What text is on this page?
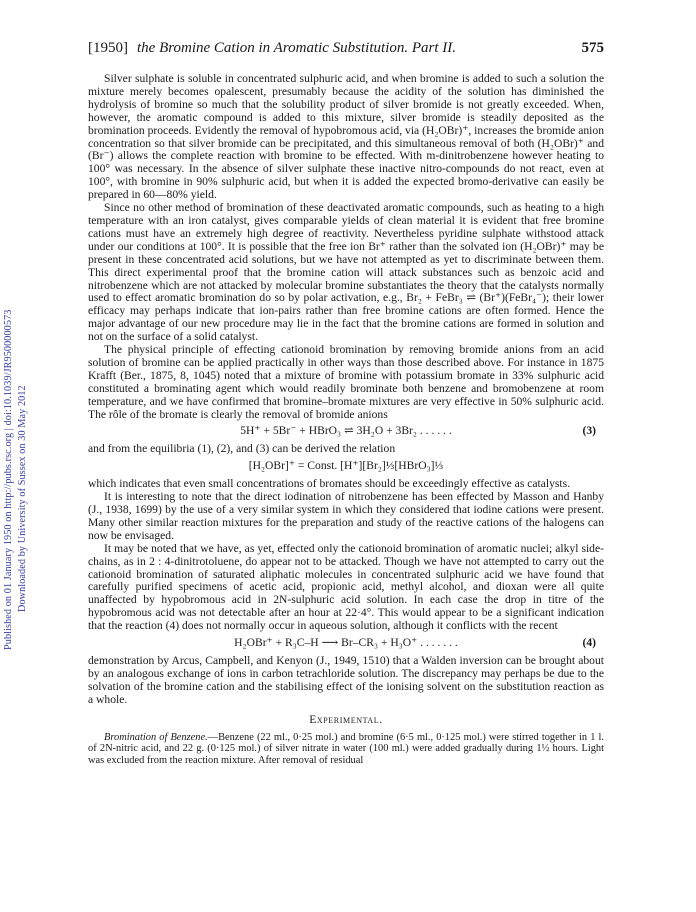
Published on 01 January 1950 on http://pubs.rsc.org | doi:10.1039/JR9500000573 Downloaded by University of Sussex on 30 May 2012
[1950] the Bromine Cation in Aromatic Substitution. Part II.	575

Silver sulphate is soluble in concentrated sulphuric acid, and when bromine is added to such a solution the mixture merely becomes opalescent, presumably because the acidity of the solution has diminished the hydrolysis of bromine so much that the solubility product of silver bromide is not greatly exceeded. When, however, the aromatic compound is added to this mixture, silver bromide is steadily deposited as the bromination proceeds. Evidently the removal of hypobromous acid, via (H₂OBr)⁺, increases the bromide anion concentration so that silver bromide can be precipitated, and this simultaneous removal of both (H₂OBr)⁺ and (Br⁻) allows the complete reaction with bromine to be effected. With m-dinitrobenzene however heating to 100° was necessary. In the absence of silver sulphate these inactive nitro-compounds do not react, even at 100°, with bromine in 90% sulphuric acid, but when it is added the expected bromo-derivative can easily be prepared in 60—80% yield.

Since no other method of bromination of these deactivated aromatic compounds, such as heating to a high temperature with an iron catalyst, gives comparable yields of clean material it is evident that free bromine cations must have an extremely high degree of reactivity. Nevertheless pyridine sulphate withstood attack under our conditions at 100°. It is possible that the free ion Br⁺ rather than the solvated ion (H₂OBr)⁺ may be present in these concentrated acid solutions, but we have not attempted as yet to discriminate between them. This direct experimental proof that the bromine cation will attack substances such as benzoic acid and nitrobenzene which are not attacked by molecular bromine substantiates the theory that the catalysts normally used to effect aromatic bromination do so by polar activation, e.g., Br₂ + FeBr₃ ⇌ (Br⁺)(FeBr₄⁻); their lower efficacy may perhaps indicate that ion-pairs rather than free bromine cations are often formed. Hence the major advantage of our new procedure may lie in the fact that the bromine cations are formed in solution and not on the surface of a solid catalyst.

The physical principle of effecting cationoid bromination by removing bromide anions from an acid solution of bromine can be applied practically in other ways than those described above. For instance in 1875 Krafft (Ber., 1875, 8, 1045) noted that a mixture of bromine with potassium bromate in 33% sulphuric acid constituted a brominating agent which would readily brominate both benzene and bromobenzene at room temperature, and we have confirmed that bromine–bromate mixtures are very effective in 50% sulphuric acid. The rôle of the bromate is clearly the removal of bromide anions

5H⁺ + 5Br⁻ + HBrO₃ ⇌ 3H₂O + 3Br₂ . . . . . .	(3)

and from the equilibria (1), (2), and (3) can be derived the relation

[H₂OBr]⁺ = Const. [H⁺][Br₂]⅓[HBrO₃]⅓

which indicates that even small concentrations of bromates should be exceedingly effective as catalysts.

It is interesting to note that the direct iodination of nitrobenzene has been effected by Masson and Hanby (J., 1938, 1699) by the use of a very similar system in which they considered that iodine cations were present. Many other similar reaction mixtures for the preparation and study of the reactive cations of the halogens can now be envisaged.

It may be noted that we have, as yet, effected only the cationoid bromination of aromatic nuclei; alkyl side-chains, as in 2 : 4-dinitrotoluene, do appear not to be attacked. Though we have not attempted to carry out the cationoid bromination of saturated aliphatic molecules in concentrated sulphuric acid we have found that carefully purified specimens of acetic acid, propionic acid, methyl alcohol, and dioxan were all quite unaffected by hypobromous acid in 2N-sulphuric acid solution. In each case the drop in titre of the hypobromous acid was not detectable after an hour at 22·4°. This would appear to be a significant indication that the reaction (4) does not normally occur in aqueous solution, although it conflicts with the recent

H₂OBr⁺ + R₃C–H ⟶ Br–CR₃ + H₃O⁺ . . . . . . .	(4)

demonstration by Arcus, Campbell, and Kenyon (J., 1949, 1510) that a Walden inversion can be brought about by an analogous exchange of ions in carbon tetrachloride solution. The discrepancy may perhaps be due to the solvation of the bromine cation and the stabilising effect of the ionising solvent on the substitution reaction as a whole.

Experimental.

Bromination of Benzene.—Benzene (22 ml., 0·25 mol.) and bromine (6·5 ml., 0·125 mol.) were stirred together in 1 l. of 2N-nitric acid, and 22 g. (0·125 mol.) of silver nitrate in water (100 ml.) were added gradually during 1½ hours. Light was excluded from the reaction mixture. After removal of residual
